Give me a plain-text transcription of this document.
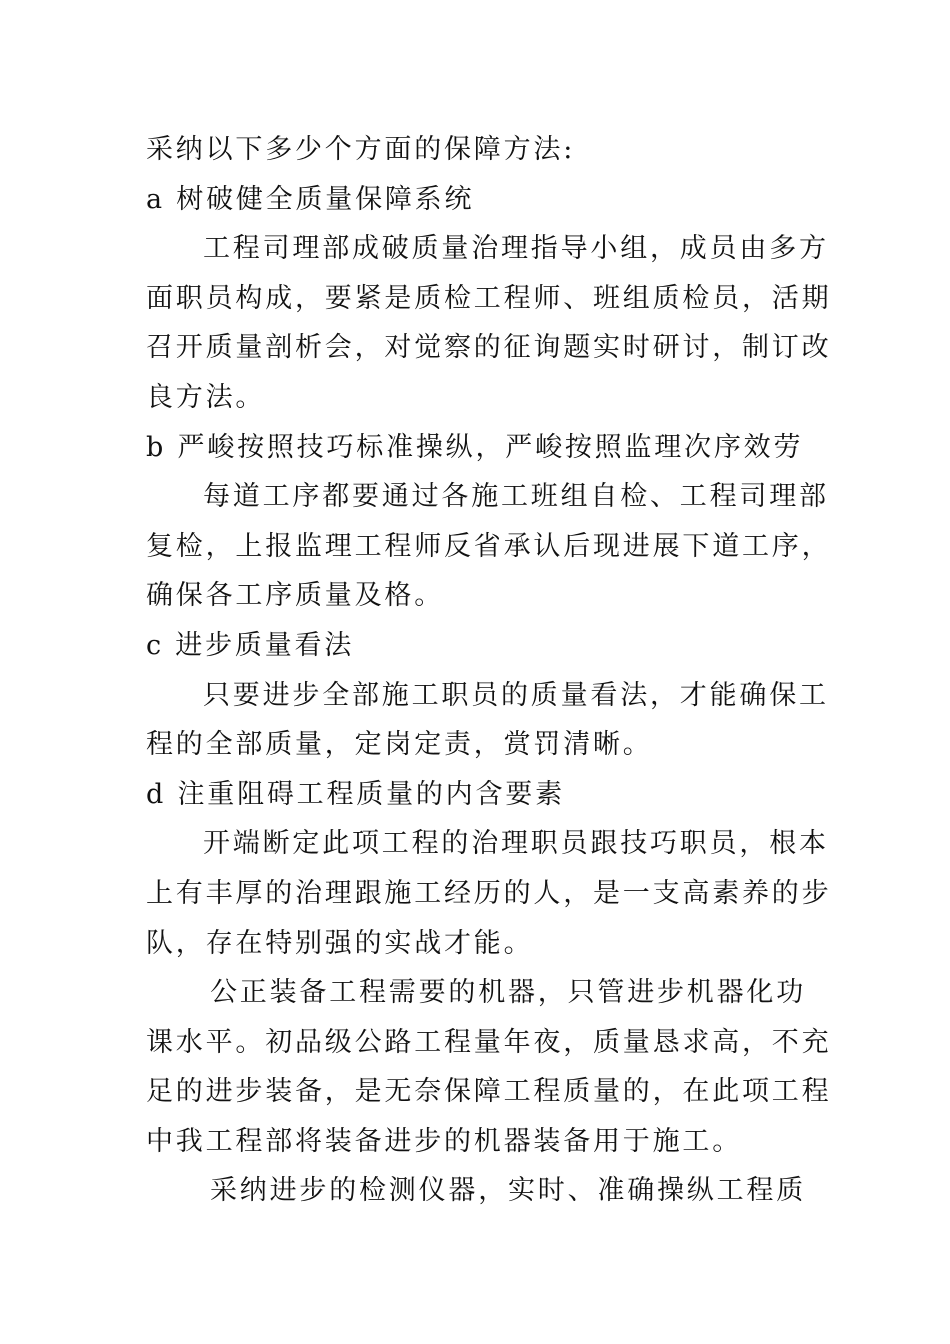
采纳以下多少个方面的保障方法:
a 树破健全质量保障系统
工程司理部成破质量治理指导小组，成员由多方
面职员构成，要紧是质检工程师、班组质检员，活期
召开质量剖析会，对觉察的征询题实时研讨，制订改
良方法。
b 严峻按照技巧标准操纵，严峻按照监理次序效劳
每道工序都要通过各施工班组自检、工程司理部
复检，上报监理工程师反省承认后现进展下道工序，
确保各工序质量及格。
c 进步质量看法
只要进步全部施工职员的质量看法，才能确保工
程的全部质量，定岗定责，赏罚清晰。
d 注重阻碍工程质量的内含要素
开端断定此项工程的治理职员跟技巧职员，根本
上有丰厚的治理跟施工经历的人，是一支高素养的步
队，存在特别强的实战才能。
公正装备工程需要的机器，只管进步机器化功
课水平。初品级公路工程量年夜，质量恳求高，不充
足的进步装备，是无奈保障工程质量的，在此项工程
中我工程部将装备进步的机器装备用于施工。
采纳进步的检测仪器，实时、准确操纵工程质
